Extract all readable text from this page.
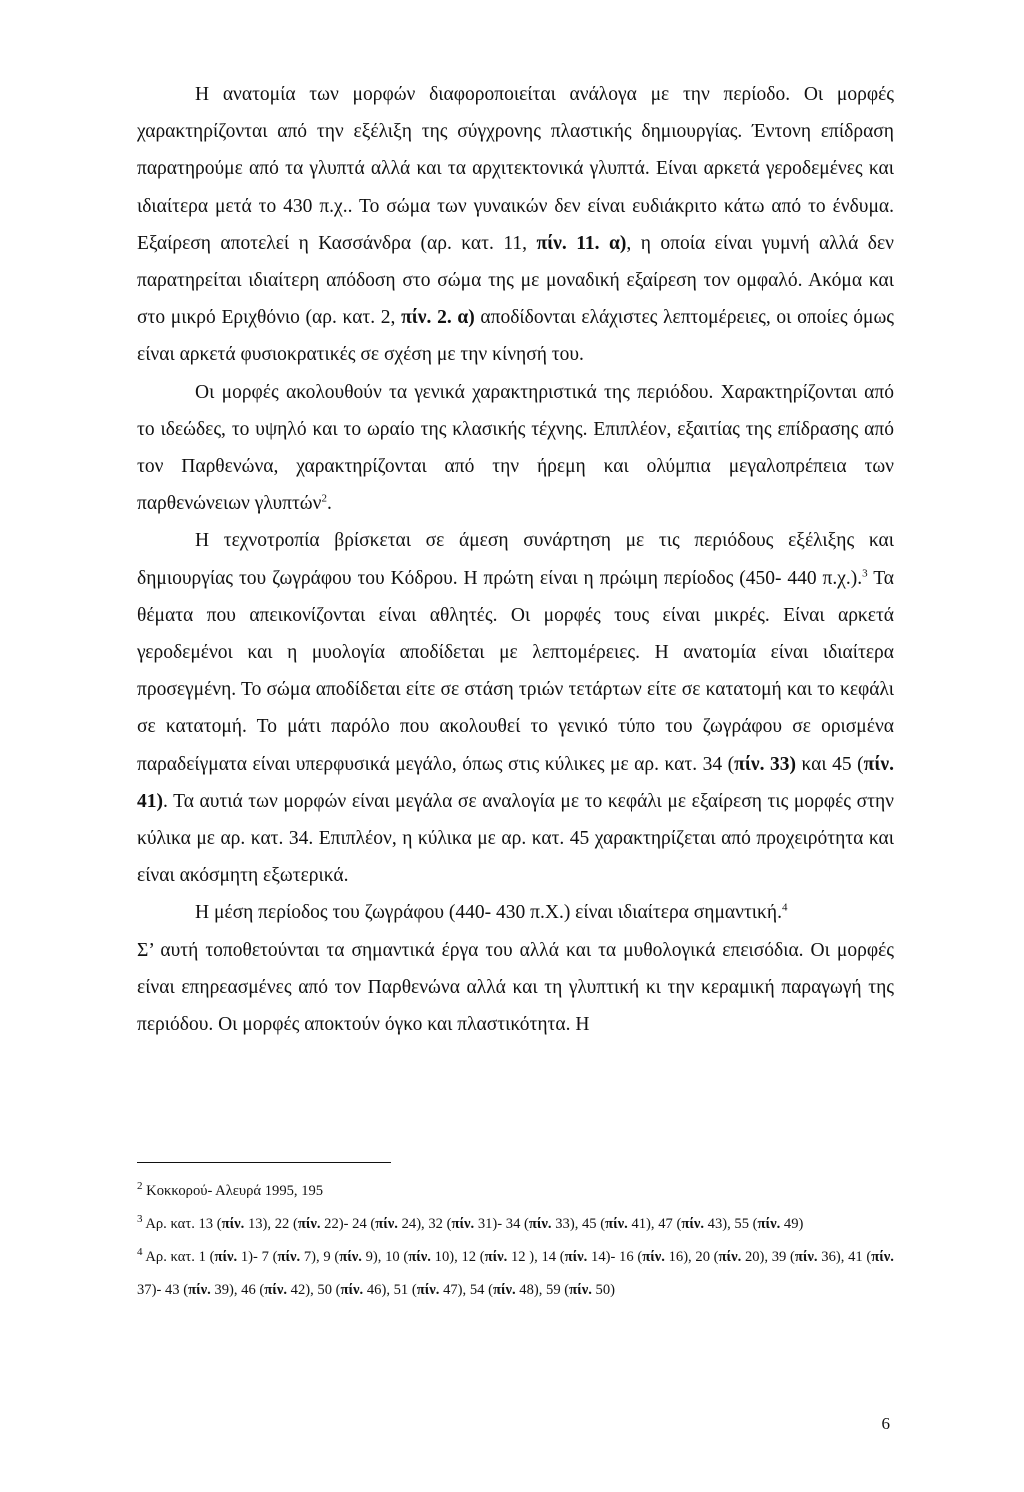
Η ανατομία των μορφών διαφοροποιείται ανάλογα με την περίοδο. Οι μορφές χαρακτηρίζονται από την εξέλιξη της σύγχρονης πλαστικής δημιουργίας. Έντονη επίδραση παρατηρούμε από τα γλυπτά αλλά και τα αρχιτεκτονικά γλυπτά. Είναι αρκετά γεροδεμένες και ιδιαίτερα μετά το 430 π.χ.. Το σώμα των γυναικών δεν είναι ευδιάκριτο κάτω από το ένδυμα. Εξαίρεση αποτελεί η Κασσάνδρα (αρ. κατ. 11, πίν. 11. α), η οποία είναι γυμνή αλλά δεν παρατηρείται ιδιαίτερη απόδοση στο σώμα της με μοναδική εξαίρεση τον ομφαλό. Ακόμα και στο μικρό Εριχθόνιο (αρ. κατ. 2, πίν. 2. α) αποδίδονται ελάχιστες λεπτομέρειες, οι οποίες όμως είναι αρκετά φυσιοκρατικές σε σχέση με την κίνησή του.

Οι μορφές ακολουθούν τα γενικά χαρακτηριστικά της περιόδου. Χαρακτηρίζονται από το ιδεώδες, το υψηλό και το ωραίο της κλασικής τέχνης. Επιπλέον, εξαιτίας της επίδρασης από τον Παρθενώνα, χαρακτηρίζονται από την ήρεμη και ολύμπια μεγαλοπρέπεια των παρθενώνειων γλυπτών$^2$.

Η τεχνοτροπία βρίσκεται σε άμεση συνάρτηση με τις περιόδους εξέλιξης και δημιουργίας του ζωγράφου του Κόδρου. Η πρώτη είναι η πρώιμη περίοδος (450- 440 π.χ.).$^3$ Τα θέματα που απεικονίζονται είναι αθλητές. Οι μορφές τους είναι μικρές. Είναι αρκετά γεροδεμένοι και η μυολογία αποδίδεται με λεπτομέρειες. Η ανατομία είναι ιδιαίτερα προσεγμένη. Το σώμα αποδίδεται είτε σε στάση τριών τετάρτων είτε σε κατατομή και το κεφάλι σε κατατομή. Το μάτι παρόλο που ακολουθεί το γενικό τύπο του ζωγράφου σε ορισμένα παραδείγματα είναι υπερφυσικά μεγάλο, όπως στις κύλικες με αρ. κατ. 34 (πίν. 33) και 45 (πίν. 41). Τα αυτιά των μορφών είναι μεγάλα σε αναλογία με το κεφάλι με εξαίρεση τις μορφές στην κύλικα με αρ. κατ. 34. Επιπλέον, η κύλικα με αρ. κατ. 45 χαρακτηρίζεται από προχειρότητα και είναι ακόσμητη εξωτερικά.

Η μέση περίοδος του ζωγράφου (440- 430 π.Χ.) είναι ιδιαίτερα σημαντική.$^4$

Σ’ αυτή τοποθετούνται τα σημαντικά έργα του αλλά και τα μυθολογικά επεισόδια. Οι μορφές είναι επηρεασμένες από τον Παρθενώνα αλλά και τη γλυπτική κι την κεραμική παραγωγή της περιόδου. Οι μορφές αποκτούν όγκο και πλαστικότητα. Η

$^2$ Κοκκορού- Αλευρά 1995, 195

$^3$ Αρ. κατ. 13 (πίν. 13), 22 (πίν. 22)- 24 (πίν. 24), 32 (πίν. 31)- 34 (πίν. 33), 45 (πίν. 41), 47 (πίν. 43), 55 (πίν. 49)

$^4$ Αρ. κατ. 1 (πίν. 1)- 7 (πίν. 7), 9 (πίν. 9), 10 (πίν. 10), 12 (πίν. 12 ), 14 (πίν. 14)- 16 (πίν. 16), 20 (πίν. 20), 39 (πίν. 36), 41 (πίν. 37)- 43 (πίν. 39), 46 (πίν. 42), 50 (πίν. 46), 51 (πίν. 47), 54 (πίν. 48), 59 (πίν. 50)

6
